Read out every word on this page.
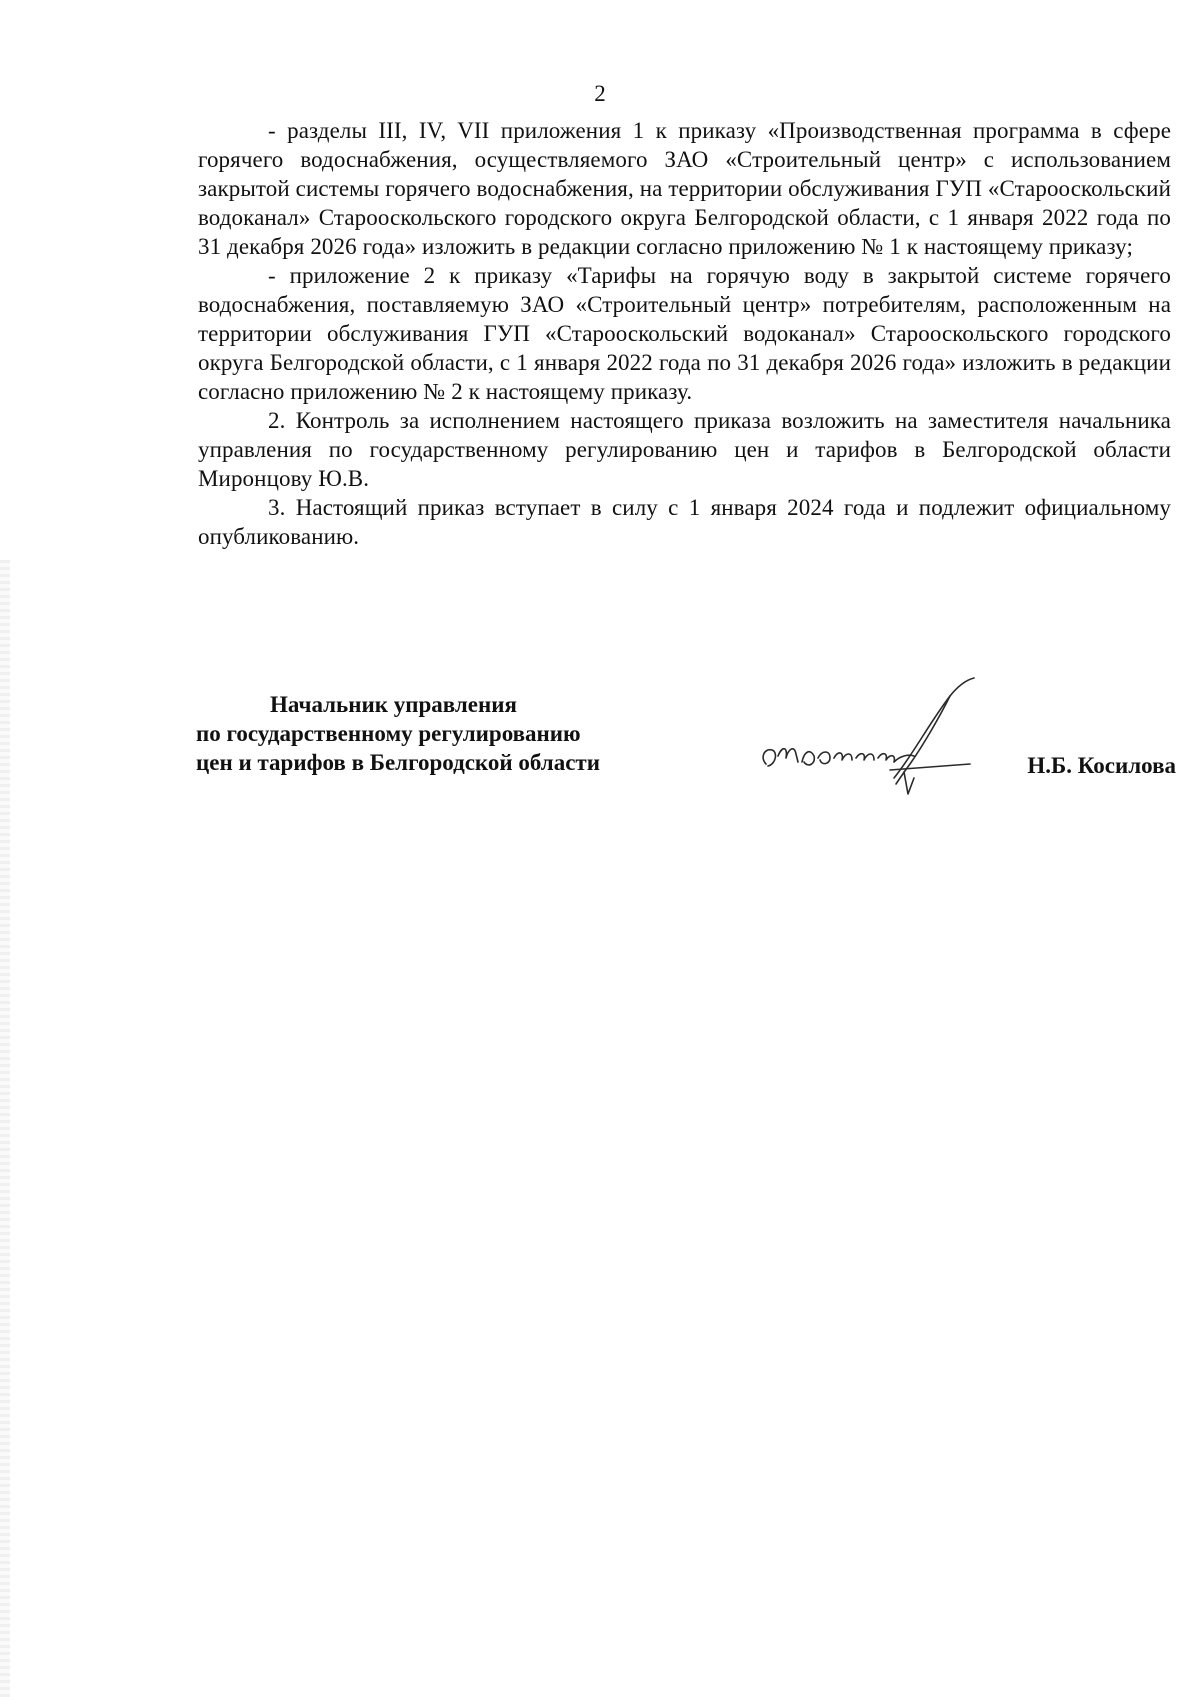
2

- разделы III, IV, VII приложения 1 к приказу «Производственная программа в сфере горячего водоснабжения, осуществляемого ЗАО «Строительный центр» с использованием закрытой системы горячего водоснабжения, на территории обслуживания ГУП «Старооскольский водоканал» Старооскольского городского округа Белгородской области, с 1 января 2022 года по 31 декабря 2026 года» изложить в редакции согласно приложению № 1 к настоящему приказу;

- приложение 2 к приказу «Тарифы на горячую воду в закрытой системе горячего водоснабжения, поставляемую ЗАО «Строительный центр» потребителям, расположенным на территории обслуживания ГУП «Старооскольский водоканал» Старооскольского городского округа Белгородской области, с 1 января 2022 года по 31 декабря 2026 года» изложить в редакции согласно приложению № 2 к настоящему приказу.

2. Контроль за исполнением настоящего приказа возложить на заместителя начальника управления по государственному регулированию цен и тарифов в Белгородской области Миронцову Ю.В.

3. Настоящий приказ вступает в силу с 1 января 2024 года и подлежит официальному опубликованию.

Начальник управления
по государственному регулированию
цен и тарифов в Белгородской области	Н.Б. Косилова
